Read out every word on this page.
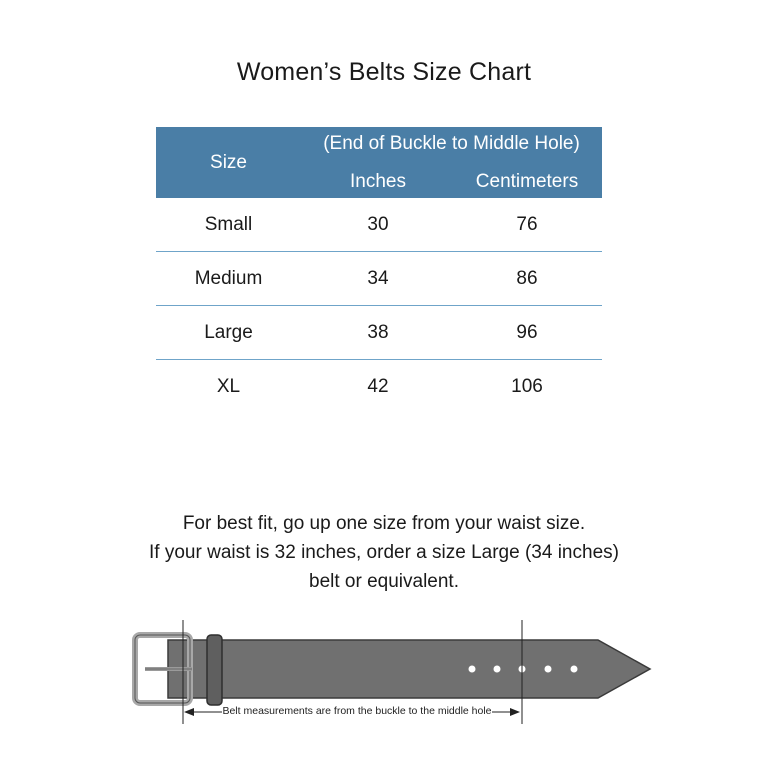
Women’s Belts Size Chart
Size
(End of Buckle to Middle Hole)
Inches	Centimeters
Small	30	76
Medium	34	86
Large	38	96
XL	42	106
For best fit, go up one size from your waist size.
If your waist is 32 inches, order a size Large (34 inches)
belt or equivalent.
Belt measurements are from the buckle to the middle hole
